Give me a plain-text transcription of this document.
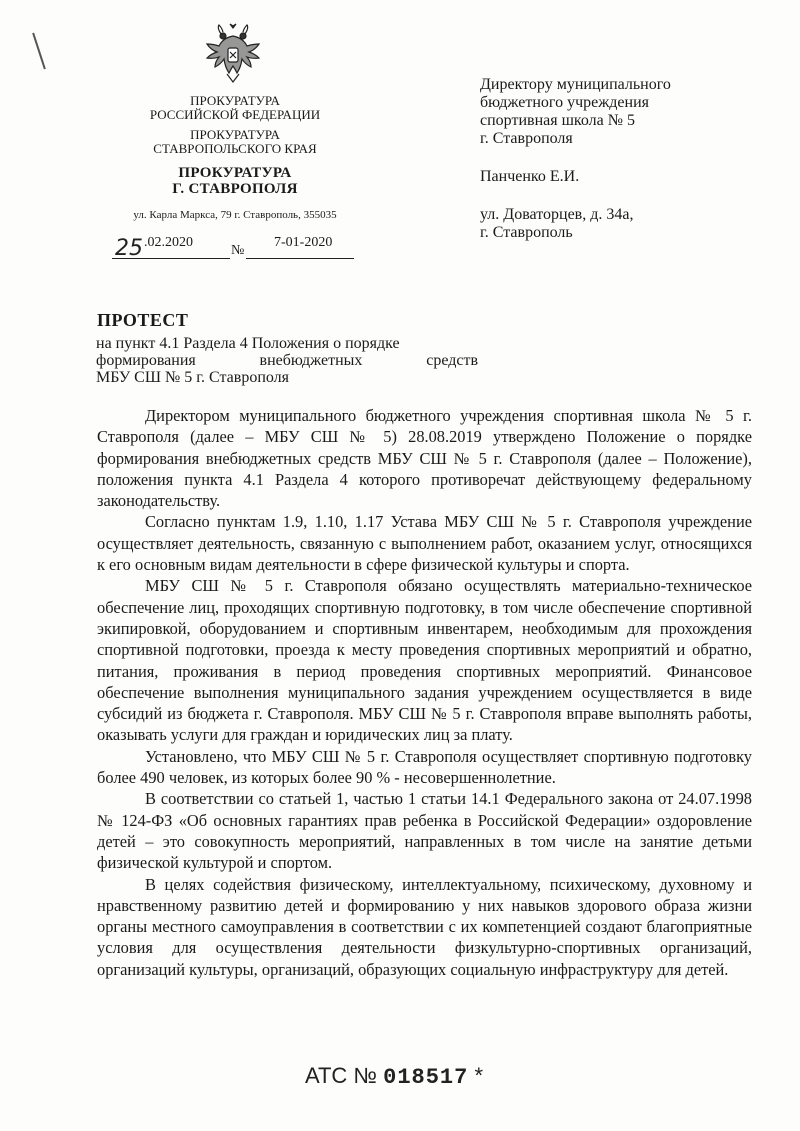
ПРОКУРАТУРА
РОССИЙСКОЙ ФЕДЕРАЦИИ
ПРОКУРАТУРА
СТАВРОПОЛЬСКОГО КРАЯ
ПРОКУРАТУРА
Г. СТАВРОПОЛЯ
ул. Карла Маркса, 79 г. Ставрополь, 355035
25 .02.2020
№
7-01-2020
Директору муниципального
бюджетного учреждения
спортивная школа № 5
г. Ставрополя
Панченко Е.И.
ул. Доваторцев, д. 34а,
г. Ставрополь
ПРОТЕСТ
на пункт 4.1 Раздела 4 Положения о порядке
формирования внебюджетных средств
МБУ СШ № 5 г. Ставрополя

Директором муниципального бюджетного учреждения спортивная школа № 5 г. Ставрополя (далее – МБУ СШ № 5) 28.08.2019 утверждено Положение о порядке формирования внебюджетных средств МБУ СШ № 5 г. Ставрополя (далее – Положение), положения пункта 4.1 Раздела 4 которого противоречат действующему федеральному законодательству.

Согласно пунктам 1.9, 1.10, 1.17 Устава МБУ СШ № 5 г. Ставрополя учреждение осуществляет деятельность, связанную с выполнением работ, оказанием услуг, относящихся к его основным видам деятельности в сфере физической культуры и спорта.

МБУ СШ № 5 г. Ставрополя обязано осуществлять материально-техническое обеспечение лиц, проходящих спортивную подготовку, в том числе обеспечение спортивной экипировкой, оборудованием и спортивным инвентарем, необходимым для прохождения спортивной подготовки, проезда к месту проведения спортивных мероприятий и обратно, питания, проживания в период проведения спортивных мероприятий. Финансовое обеспечение выполнения муниципального задания учреждением осуществляется в виде субсидий из бюджета г. Ставрополя. МБУ СШ № 5 г. Ставрополя вправе выполнять работы, оказывать услуги для граждан и юридических лиц за плату.

Установлено, что МБУ СШ № 5 г. Ставрополя осуществляет спортивную подготовку более 490 человек, из которых более 90 % - несовершеннолетние.

В соответствии со статьей 1, частью 1 статьи 14.1 Федерального закона от 24.07.1998 № 124-ФЗ «Об основных гарантиях прав ребенка в Российской Федерации» оздоровление детей – это совокупность мероприятий, направленных в том числе на занятие детьми физической культурой и спортом.

В целях содействия физическому, интеллектуальному, психическому, духовному и нравственному развитию детей и формированию у них навыков здорового образа жизни органы местного самоуправления в соответствии с их компетенцией создают благоприятные условия для осуществления деятельности физкультурно-спортивных организаций, организаций культуры, организаций, образующих социальную инфраструктуру для детей.

АТС № 018517 *
